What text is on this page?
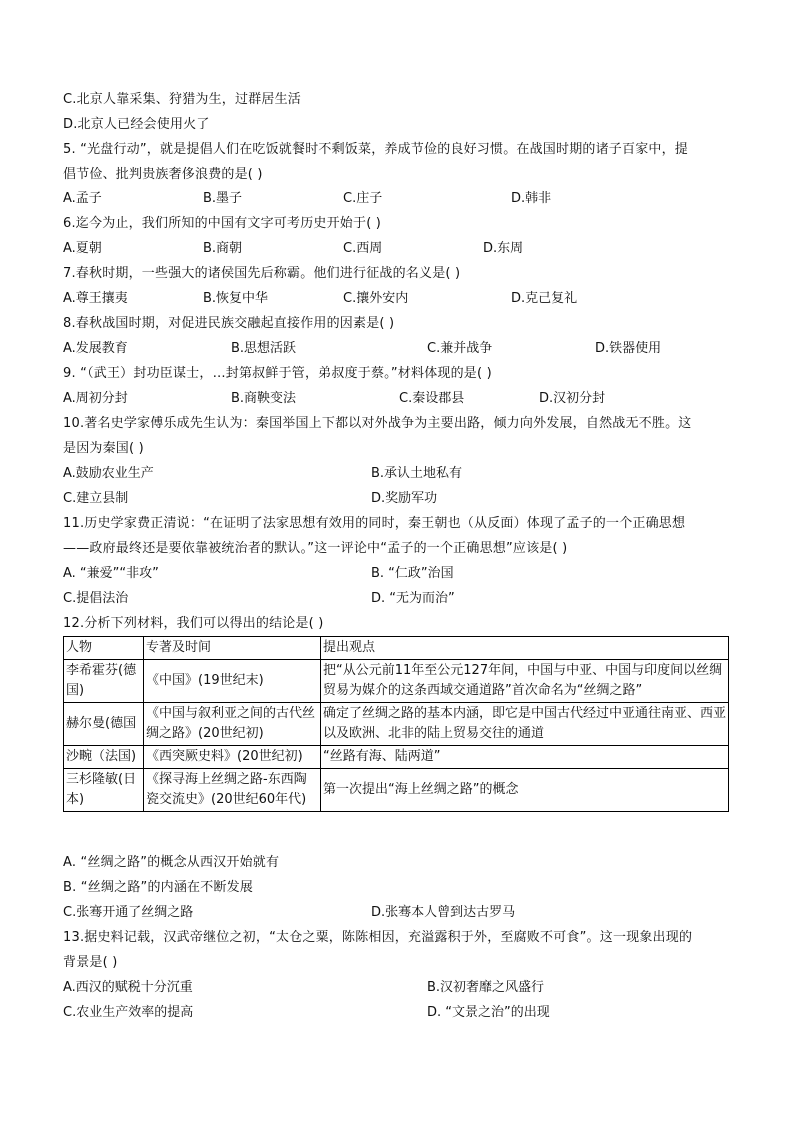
C.北京人靠采集、狩猎为生，过群居生活
D.北京人已经会使用火了
5. “光盘行动”，就是提倡人们在吃饭就餐时不剩饭菜，养成节俭的良好习惯。在战国时期的诸子百家中，提
倡节俭、批判贵族奢侈浪费的是( )
A.孟子	B.墨子	C.庄子	D.韩非
6.迄今为止，我们所知的中国有文字可考历史开始于( )
A.夏朝	B.商朝	C.西周	D.东周
7.春秋时期，一些强大的诸侯国先后称霸。他们进行征战的名义是( )
A.尊王攘夷	B.恢复中华	C.攘外安内	D.克己复礼
8.春秋战国时期，对促进民族交融起直接作用的因素是( )
A.发展教育	B.思想活跃	C.兼并战争	D.铁器使用
9. “（武王）封功臣谋士，…封第叔鲜于管，弟叔度于蔡。”材料体现的是( )
A.周初分封	B.商鞅变法	C.秦设郡县	D.汉初分封
10.著名史学家傅乐成先生认为：秦国举国上下都以对外战争为主要出路，倾力向外发展，自然战无不胜。这
是因为秦国( )
A.鼓励农业生产	B.承认土地私有
C.建立县制	D.奖励军功
11.历史学家费正清说：“在证明了法家思想有效用的同时，秦王朝也（从反面）体现了孟子的一个正确思想
——政府最终还是要依靠被统治者的默认。”这一评论中“孟子的一个正确思想”应该是( )
A. “兼爱”“非攻”	B. “仁政”治国
C.提倡法治	D. “无为而治”
12.分析下列材料，我们可以得出的结论是( )
人物	专著及时间	提出观点
李希霍芬(德国)	《中国》(19世纪末)	把“从公元前11年至公元127年间，中国与中亚、中国与印度间以丝绸贸易为媒介的这条西域交通道路”首次命名为“丝绸之路”
赫尔曼(德国	《中国与叙利亚之间的古代丝绸之路》(20世纪初)	确定了丝绸之路的基本内涵，即它是中国古代经过中亚通往南亚、西亚以及欧洲、北非的陆上贸易交往的通道
沙畹（法国)	《西突厥史料》(20世纪初)	“丝路有海、陆两道”
三杉隆敏(日本)	《探寻海上丝绸之路-东西陶瓷交流史》(20世纪60年代)	第一次提出“海上丝绸之路”的概念
A. “丝绸之路”的概念从西汉开始就有
B. “丝绸之路”的内涵在不断发展
C.张骞开通了丝绸之路	D.张骞本人曾到达古罗马
13.据史料记载，汉武帝继位之初，“太仓之粟，陈陈相因，充溢露积于外，至腐败不可食”。这一现象出现的
背景是( )
A.西汉的赋税十分沉重	B.汉初奢靡之风盛行
C.农业生产效率的提高	D. “文景之治”的出现
